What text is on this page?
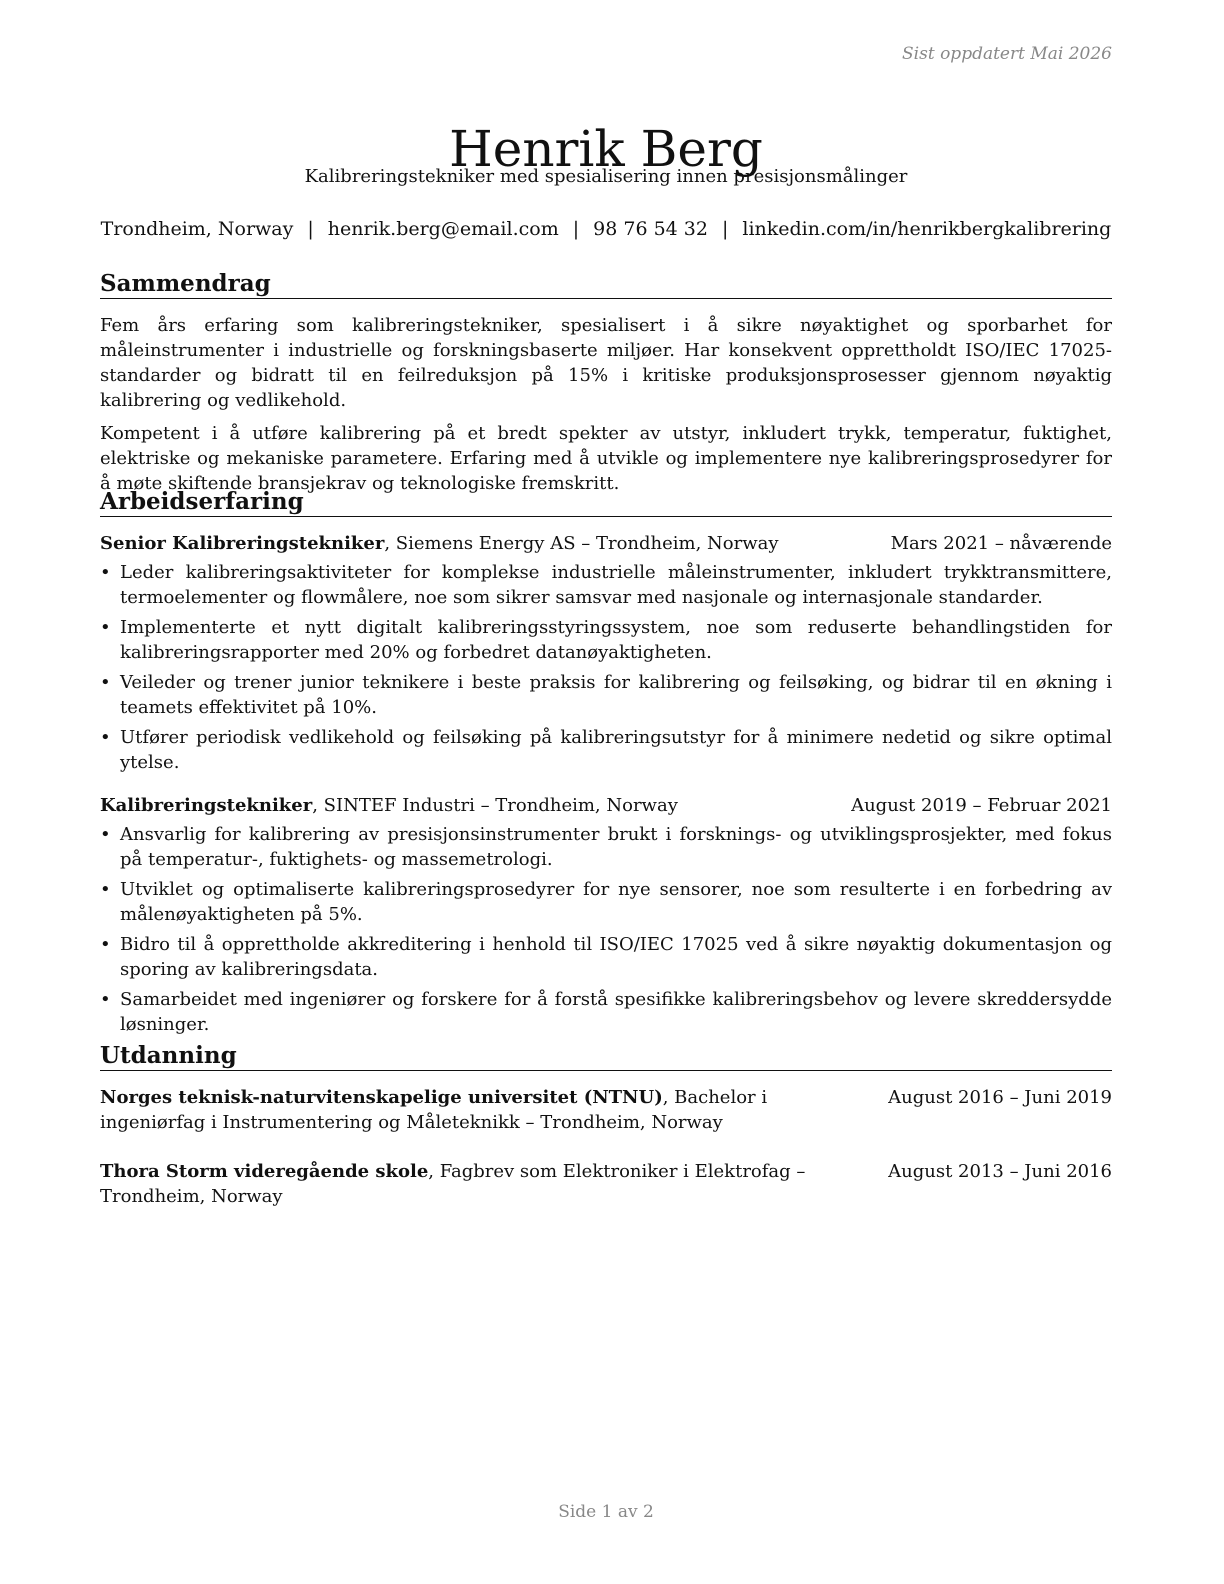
Sist oppdatert Mai 2026
Henrik Berg
Kalibreringstekniker med spesialisering innen presisjonsmålinger
Trondheim, Norway | henrik.berg@email.com | 98 76 54 32 | linkedin.com/in/henrikbergkalibrering
Sammendrag

Fem års erfaring som kalibreringstekniker, spesialisert i å sikre nøyaktighet og sporbarhet for måleinstrumenter i industrielle og forskningsbaserte miljøer. Har konsekvent opprettholdt ISO/IEC 17025-standarder og bidratt til en feilreduksjon på 15% i kritiske produksjonsprosesser gjennom nøyaktig kalibrering og vedlikehold.

Kompetent i å utføre kalibrering på et bredt spekter av utstyr, inkludert trykk, temperatur, fuktighet, elektriske og mekaniske parametere. Erfaring med å utvikle og implementere nye kalibreringsprosedyrer for å møte skiftende bransjekrav og teknologiske fremskritt.

Arbeidserfaring
Senior Kalibreringstekniker, Siemens Energy AS – Trondheim, Norway	Mars 2021 – nåværende
• Leder kalibreringsaktiviteter for komplekse industrielle måleinstrumenter, inkludert trykktransmittere, termoelementer og flowmålere, noe som sikrer samsvar med nasjonale og internasjonale standarder.
• Implementerte et nytt digitalt kalibreringsstyringssystem, noe som reduserte behandlingstiden for kalibreringsrapporter med 20% og forbedret datanøyaktigheten.
• Veileder og trener junior teknikere i beste praksis for kalibrering og feilsøking, og bidrar til en økning i teamets effektivitet på 10%.
• Utfører periodisk vedlikehold og feilsøking på kalibreringsutstyr for å minimere nedetid og sikre optimal ytelse.
Kalibreringstekniker, SINTEF Industri – Trondheim, Norway	August 2019 – Februar 2021
• Ansvarlig for kalibrering av presisjonsinstrumenter brukt i forsknings- og utviklingsprosjekter, med fokus på temperatur-, fuktighets- og massemetrologi.
• Utviklet og optimaliserte kalibreringsprosedyrer for nye sensorer, noe som resulterte i en forbedring av målenøyaktigheten på 5%.
• Bidro til å opprettholde akkreditering i henhold til ISO/IEC 17025 ved å sikre nøyaktig dokumentasjon og sporing av kalibreringsdata.
• Samarbeidet med ingeniører og forskere for å forstå spesifikke kalibreringsbehov og levere skreddersydde løsninger.
Utdanning
Norges teknisk-naturvitenskapelige universitet (NTNU), Bachelor i ingeniørfag i Instrumentering og Måleteknikk – Trondheim, Norway
August 2016 – Juni 2019
Thora Storm videregående skole, Fagbrev som Elektroniker i Elektrofag – Trondheim, Norway
August 2013 – Juni 2016
Side 1 av 2
